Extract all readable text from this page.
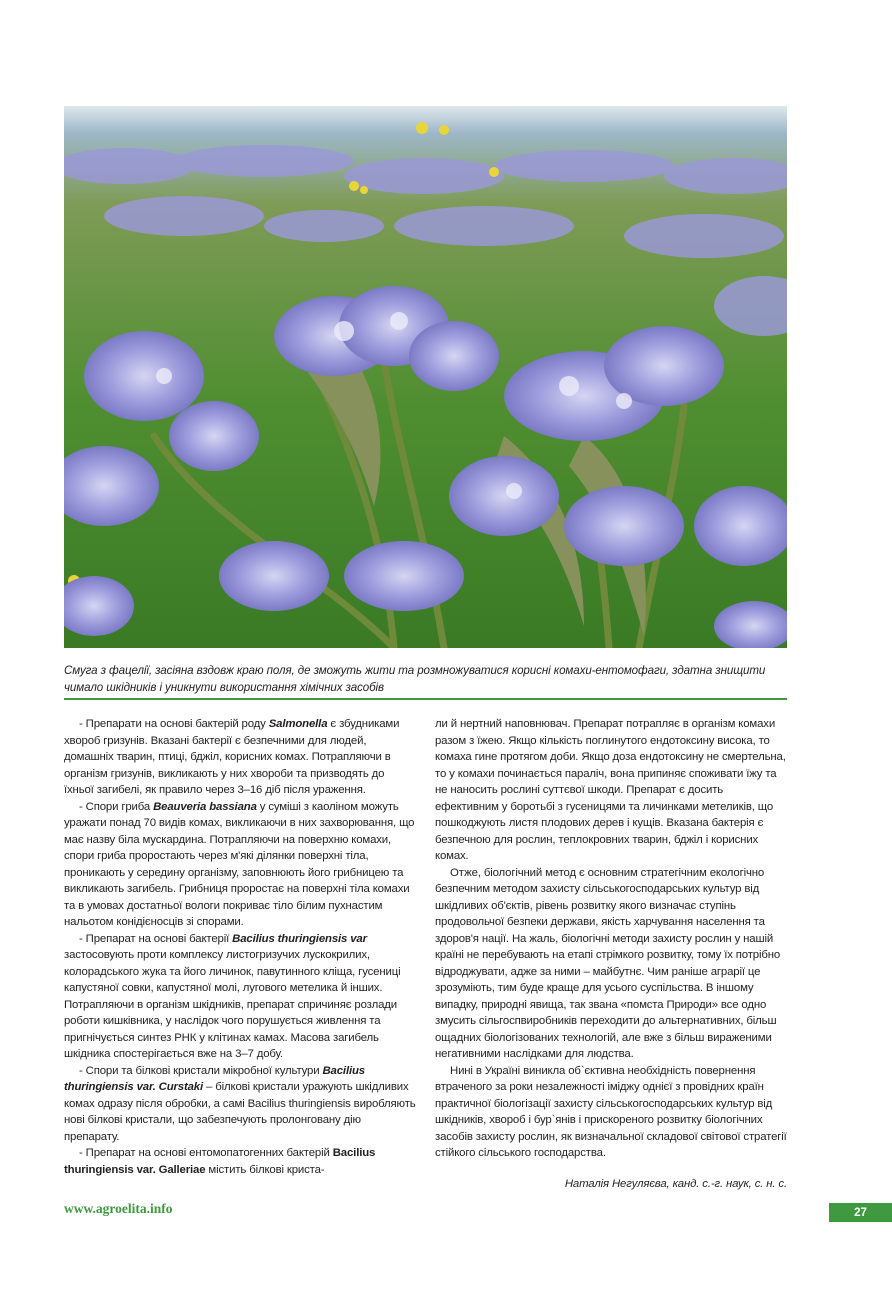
Смуга з фацелії, засіяна вздовж краю поля, де зможуть жити та розмножуватися корисні комахи-ентомофаги, здатна знищити чимало шкідників і уникнути використання хімічних засобів

- Препарати на основі бактерій роду Salmonella є збудниками хвороб гризунів. Вказані бактерії є безпечними для людей, домашніх тварин, птиці, бджіл, корисних комах. Потрапляючи в організм гризунів, викликають у них хвороби та призводять до їхньої загибелі, як правило через 3–16 діб після ураження.

- Спори гриба Beauveria bassiana у суміші з каоліном можуть уражати понад 70 видів комах, викликаючи в них захворювання, що має назву біла мускардина. Потрапляючи на поверхню комахи, спори гриба проростають через м'які ділянки поверхні тіла, проникають у середину організму, заповнюють його грибницею та викликають загибель. Грибниця проростає на поверхні тіла комахи та в умовах достатньої вологи покриває тіло білим пухнастим нальотом конідієносців зі спорами.

- Препарат на основі бактерії Bacilius thuringiensis var застосовують проти комплексу листогризучих лускокрилих, колорадського жука та його личинок, павутинного кліща, гусениці капустяної совки, капустяної молі, лугового метелика й інших. Потрапляючи в організм шкідників, препарат спричиняє розлади роботи кишківника, у наслідок чого порушується живлення та пригнічується синтез РНК у клітинах камах. Масова загибель шкідника спостерігається вже на 3–7 добу.

- Спори та білкові кристали мікробної культури Bacilius thuringiensis var. Curstaki – білкові кристали уражують шкідливих комах одразу після обробки, а самі Bacilius thuringiensis виробляють нові білкові кристали, що забезпечують пролонговану дію препарату.

- Препарат на основі ентомопатогенних бактерій Bacilius thuringiensis var. Galleriae містить білкові криста-

ли й нертний наповнювач. Препарат потрапляє в організм комахи разом з їжею. Якщо кількість поглинутого ендотоксину висока, то комаха гине протягом доби. Якщо доза ендотоксину не смертельна, то у комахи починається параліч, вона припиняє споживати їжу та не наносить рослині суттєвої шкоди. Препарат є досить ефективним у боротьбі з гусеницями та личинками метеликів, що пошкоджують листя плодових дерев і кущів. Вказана бактерія є безпечною для рослин, теплокровних тварин, бджіл і корисних комах.

Отже, біологічний метод є основним стратегічним екологічно безпечним методом захисту сільськогосподарських культур від шкідливих об'єктів, рівень розвитку якого визначає ступінь продовольчої безпеки держави, якість харчування населення та здоров'я нації. На жаль, біологічні методи захисту рослин у нашій країні не перебувають на етапі стрімкого розвитку, тому їх потрібно відроджувати, адже за ними – майбутнє. Чим раніше аграрії це зрозуміють, тим буде краще для усього суспільства. В іншому випадку, природні явища, так звана «помста Природи» все одно змусить сільгоспвиробників переходити до альтернативних, більш ощадних біологізованих технологій, але вже з більш вираженими негативними наслідками для людства.

Нині в Україні виникла об`єктивна необхідність повернення втраченого за роки незалежності іміджу однієї з провідних країн практичної біологізації захисту сільськогосподарських культур від шкідників, хвороб і бур`янів і прискореного розвитку біологічних засобів захисту рослин, як визначальної складової світової стратегії стійкого сільського господарства.

Наталія Негуляєва, канд. с.-г. наук, с. н. с.

www.agroelita.info	27
